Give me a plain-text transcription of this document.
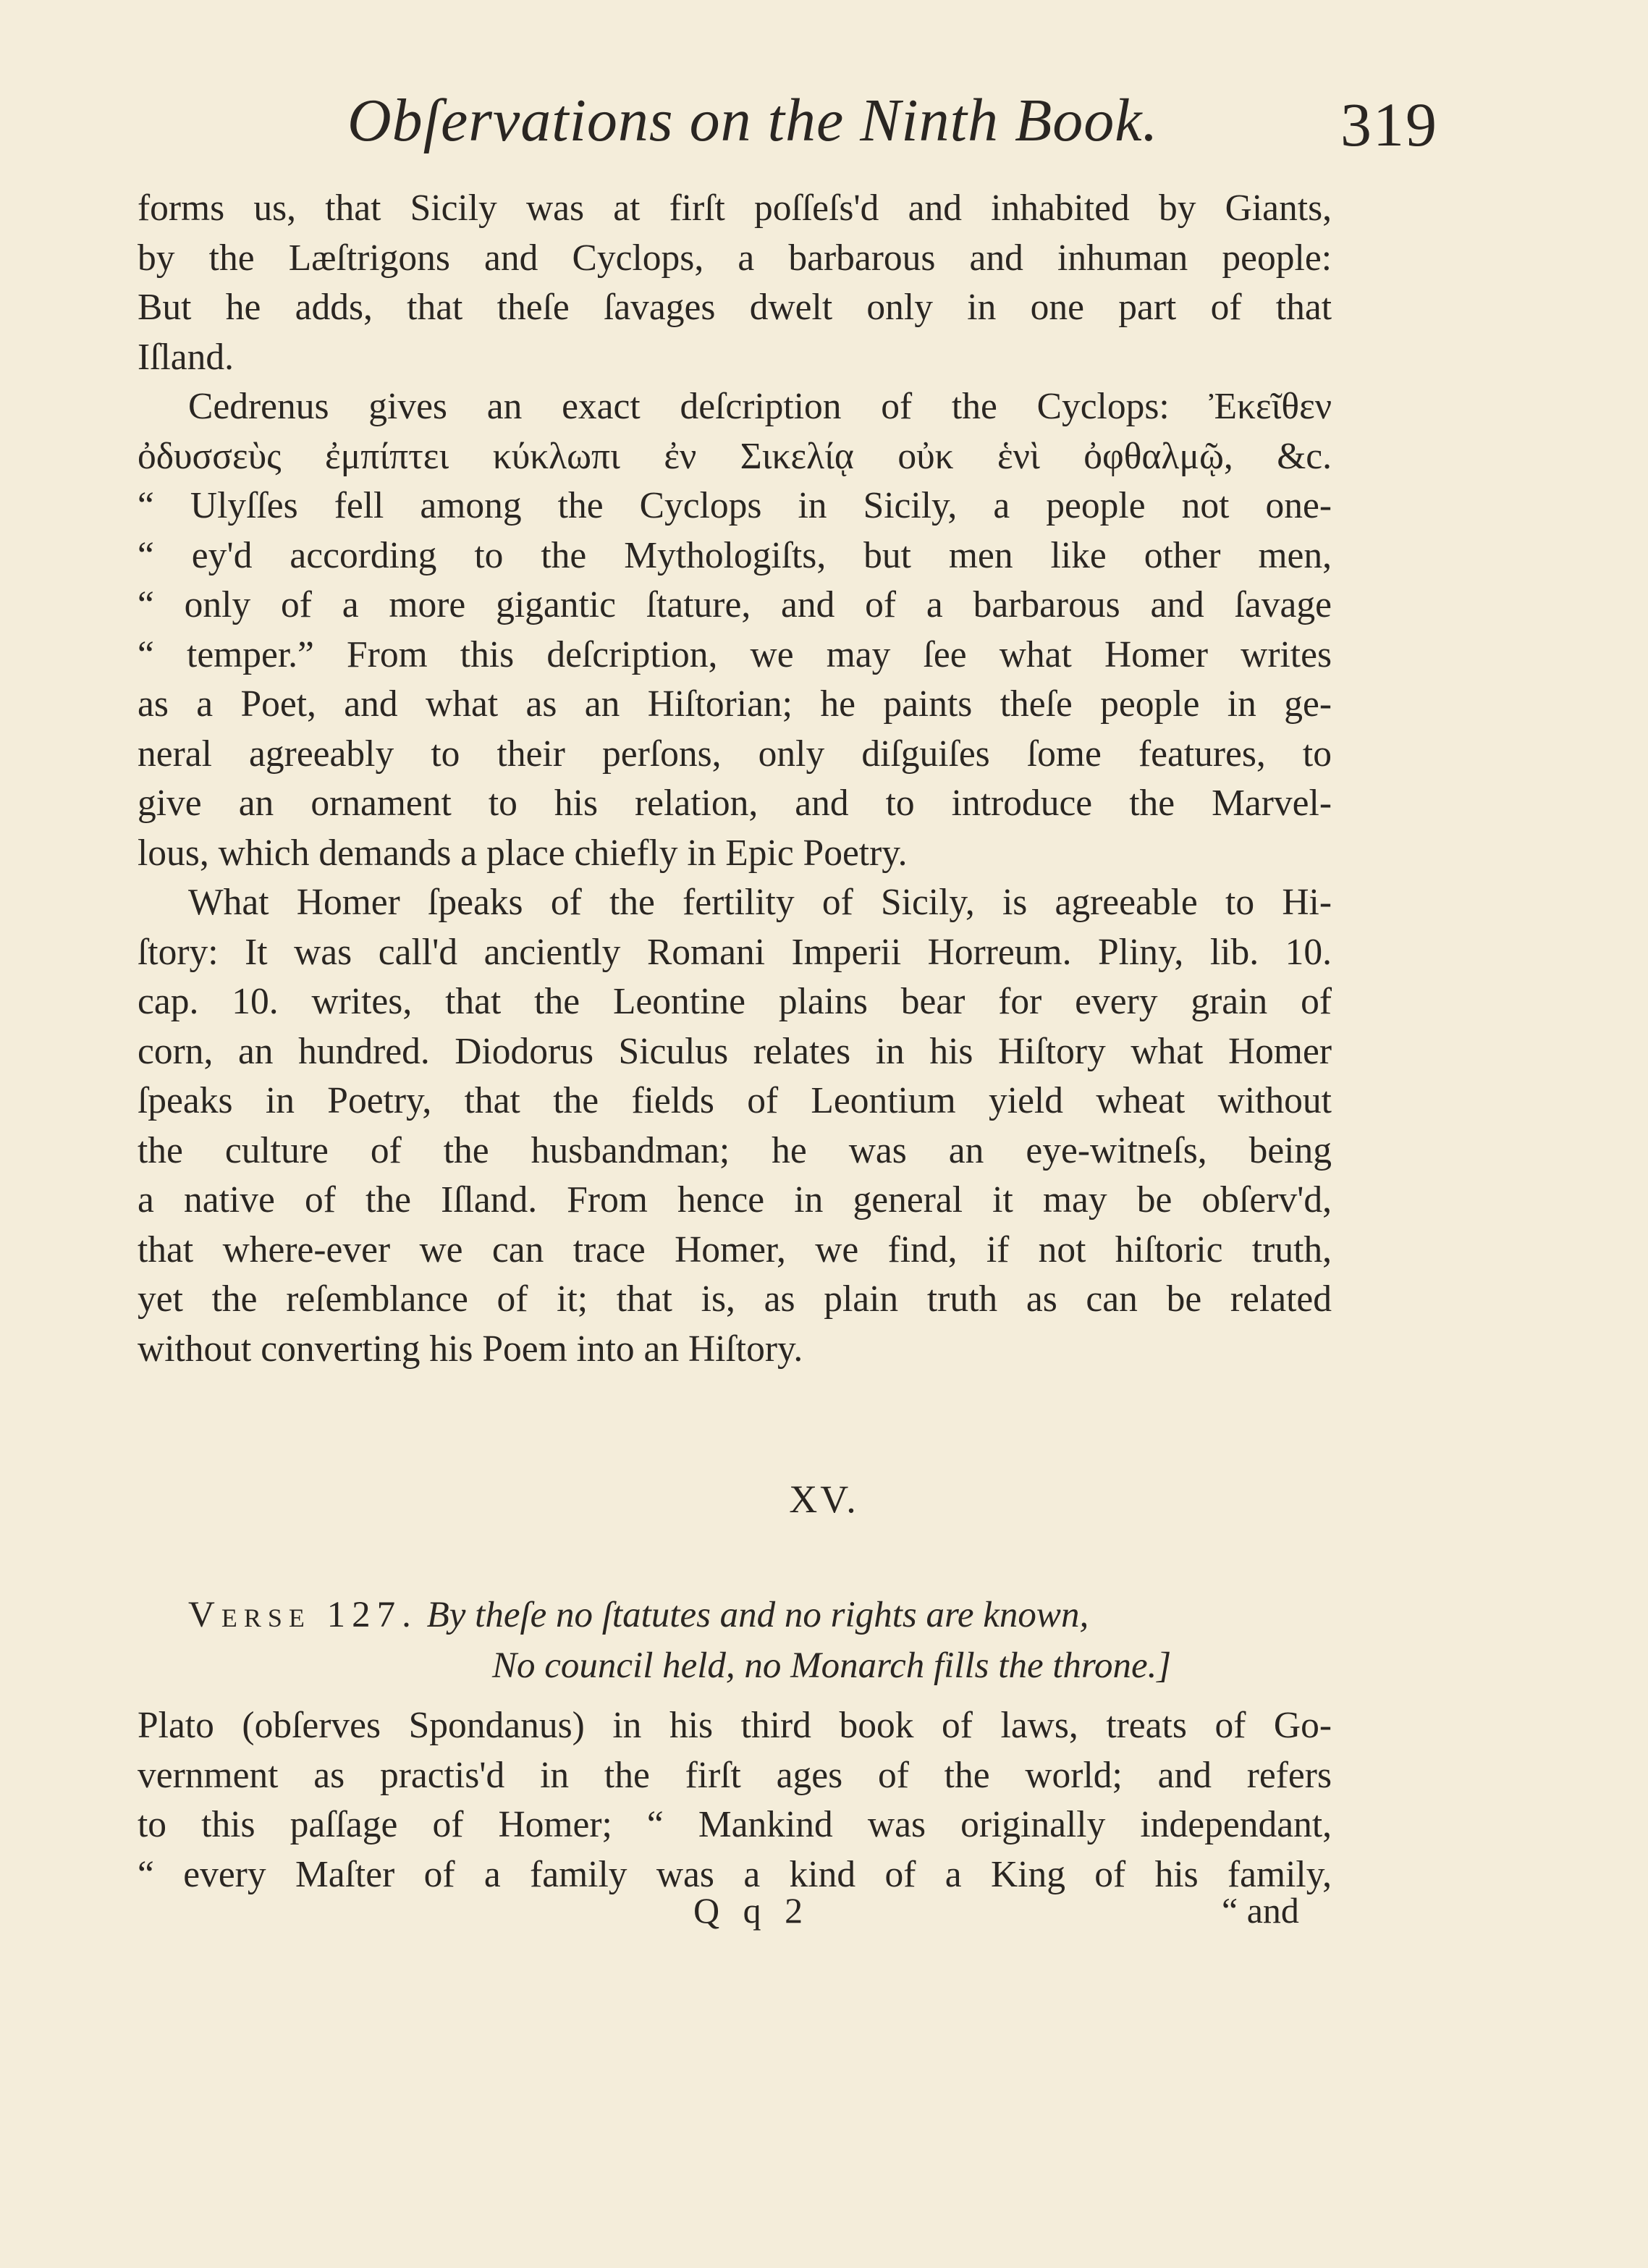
Obſervations on the Ninth Book.	319
forms us, that Sicily was at firſt poſſeſs'd and inhabited by Giants,
by the Læſtrigons and Cyclops, a barbarous and inhuman people:
But he adds, that theſe ſavages dwelt only in one part of that
Iſland.
Cedrenus gives an exact deſcription of the Cyclops: Ἐκεῖθεν
ὀδυσσεὺς ἐμπίπτει κύκλωπι ἐν Σικελίᾳ οὐκ ἑνὶ ὀφθαλμῷ, &c.
“ Ulyſſes fell among the Cyclops in Sicily, a people not one-
“ ey'd according to the Mythologiſts, but men like other men,
“ only of a more gigantic ſtature, and of a barbarous and ſavage
“ temper.” From this deſcription, we may ſee what Homer writes
as a Poet, and what as an Hiſtorian; he paints theſe people in ge-
neral agreeably to their perſons, only diſguiſes ſome features, to
give an ornament to his relation, and to introduce the Marvel-
lous, which demands a place chiefly in Epic Poetry.
What Homer ſpeaks of the fertility of Sicily, is agreeable to Hi-
ſtory: It was call'd anciently Romani Imperii Horreum. Pliny, lib. 10.
cap. 10. writes, that the Leontine plains bear for every grain of
corn, an hundred. Diodorus Siculus relates in his Hiſtory what Homer
ſpeaks in Poetry, that the fields of Leontium yield wheat without
the culture of the husbandman; he was an eye-witneſs, being
a native of the Iſland. From hence in general it may be obſerv'd,
that where-ever we can trace Homer, we find, if not hiſtoric truth,
yet the reſemblance of it; that is, as plain truth as can be related
without converting his Poem into an Hiſtory.
XV.
Verse 127. By theſe no ſtatutes and no rights are known,
No council held, no Monarch fills the throne.]
Plato (obſerves Spondanus) in his third book of laws, treats of Go-
vernment as practis'd in the firſt ages of the world; and refers
to this paſſage of Homer; “ Mankind was originally independant,
“ every Maſter of a family was a kind of a King of his family,
Q q 2	“ and
